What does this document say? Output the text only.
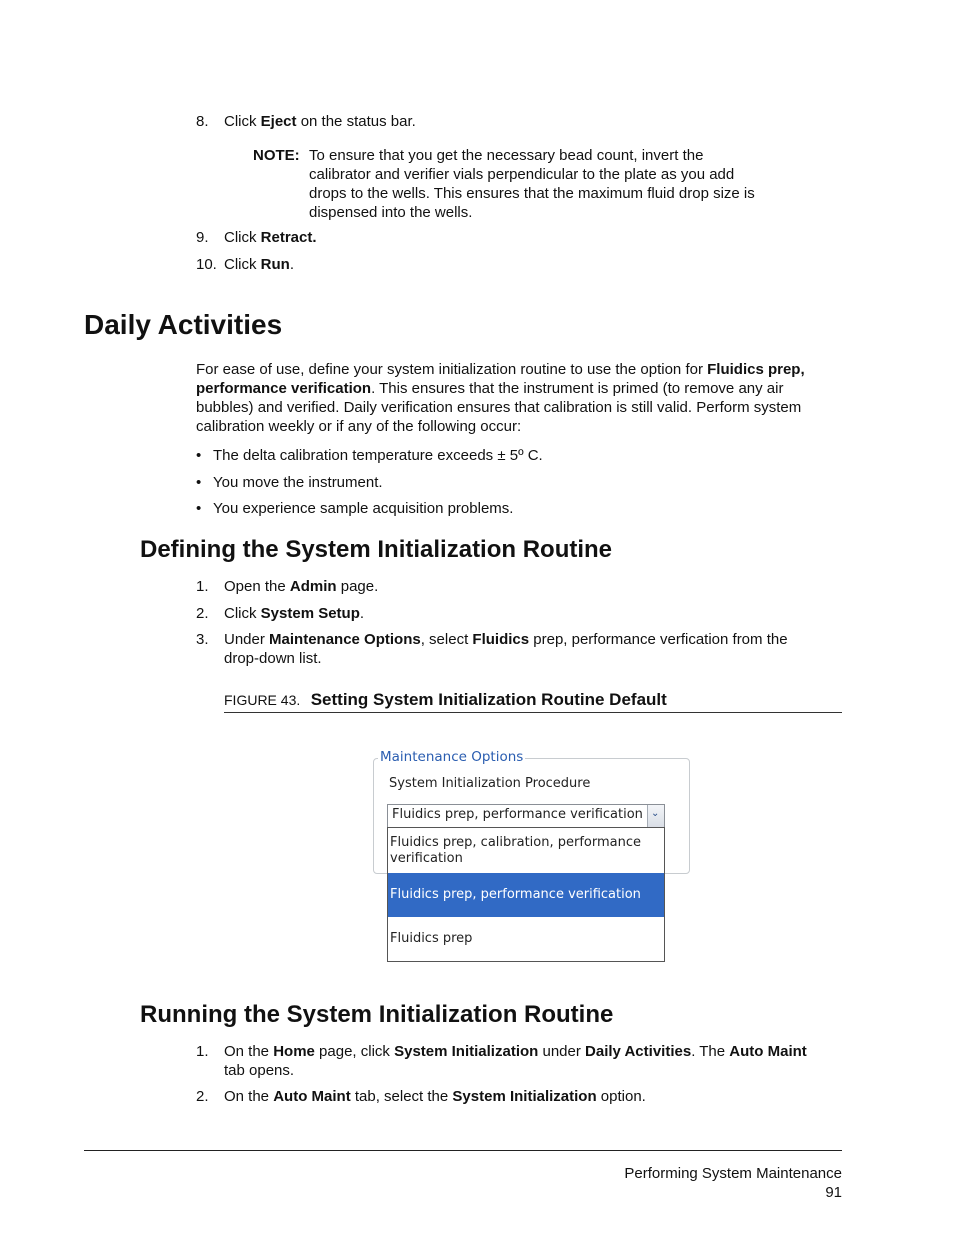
8.	Click Eject on the status bar.
NOTE: To ensure that you get the necessary bead count, invert the
calibrator and verifier vials perpendicular to the plate as you add
drops to the wells. This ensures that the maximum fluid drop size is
dispensed into the wells.
9.	Click Retract.
10. Click Run.
Daily Activities
For ease of use, define your system initialization routine to use the option for Fluidics prep,
performance verification. This ensures that the instrument is primed (to remove any air
bubbles) and verified. Daily verification ensures that calibration is still valid. Perform system
calibration weekly or if any of the following occur:
• The delta calibration temperature exceeds ± 5º C.
• You move the instrument.
• You experience sample acquisition problems.
Defining the System Initialization Routine
1.	Open the Admin page.
2.	Click System Setup.
3.	Under Maintenance Options, select Fluidics prep, performance verfication from the
drop-down list.
FIGURE 43. Setting System Initialization Routine Default
Maintenance Options
System Initialization Procedure
Fluidics prep, performance verification ⌄
Fluidics prep, calibration, performance
verification
Fluidics prep, performance verification
Fluidics prep
Running the System Initialization Routine
1.	On the Home page, click System Initialization under Daily Activities. The Auto Maint
tab opens.
2.	On the Auto Maint tab, select the System Initialization option.
Performing System Maintenance
91
